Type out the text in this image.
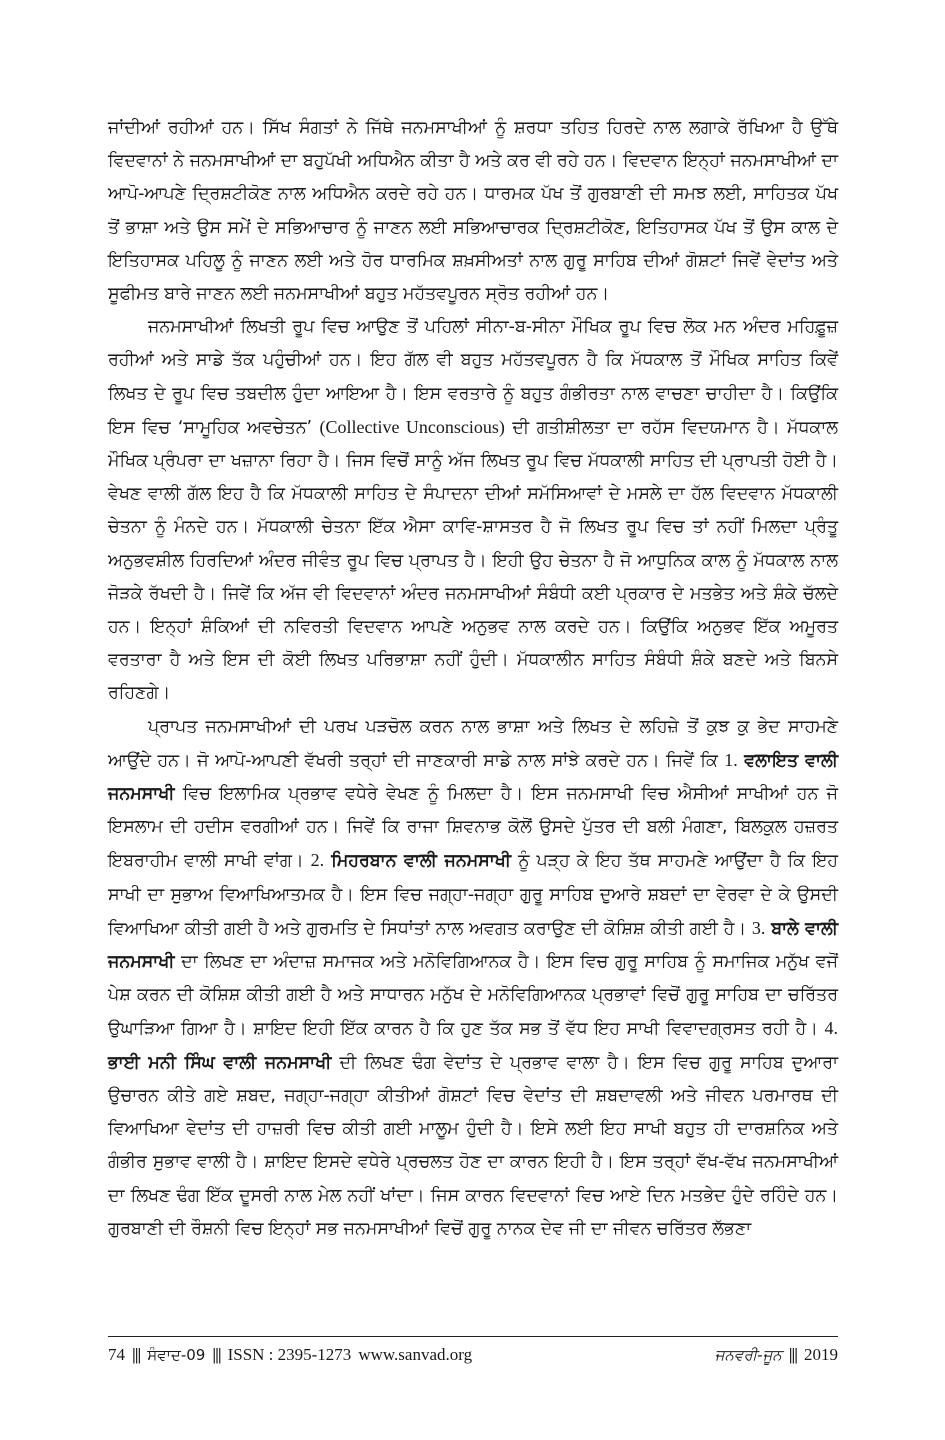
ਜਾਂਦੀਆਂ ਰਹੀਆਂ ਹਨ। ਸਿੱਖ ਸੰਗਤਾਂ ਨੇ ਜਿੱਥੇ ਜਨਮਸਾਖੀਆਂ ਨੂੰ ਸ਼ਰਧਾ ਤਹਿਤ ਹਿਰਦੇ ਨਾਲ ਲਗਾਕੇ ਰੱਖਿਆ ਹੈ ਉੱਥੇ ਵਿਦਵਾਨਾਂ ਨੇ ਜਨਮਸਾਖੀਆਂ ਦਾ ਬਹੁਪੱਖੀ ਅਧਿਐਨ ਕੀਤਾ ਹੈ ਅਤੇ ਕਰ ਵੀ ਰਹੇ ਹਨ। ਵਿਦਵਾਨ ਇਨ੍ਹਾਂ ਜਨਮਸਾਖੀਆਂ ਦਾ ਆਪੋ-ਆਪਣੇ ਦ੍ਰਿਸ਼ਟੀਕੋਣ ਨਾਲ ਅਧਿਐਨ ਕਰਦੇ ਰਹੇ ਹਨ। ਧਾਰਮਕ ਪੱਖ ਤੋਂ ਗੁਰਬਾਣੀ ਦੀ ਸਮਝ ਲਈ, ਸਾਹਿਤਕ ਪੱਖ ਤੋਂ ਭਾਸ਼ਾ ਅਤੇ ਉਸ ਸਮੇਂ ਦੇ ਸਭਿਆਚਾਰ ਨੂੰ ਜਾਣਨ ਲਈ ਸਭਿਆਚਾਰਕ ਦ੍ਰਿਸ਼ਟੀਕੋਣ, ਇਤਿਹਾਸਕ ਪੱਖ ਤੋਂ ਉਸ ਕਾਲ ਦੇ ਇਤਿਹਾਸਕ ਪਹਿਲੂ ਨੂੰ ਜਾਣਨ ਲਈ ਅਤੇ ਹੋਰ ਧਾਰਮਿਕ ਸ਼ਖ਼ਸੀਅਤਾਂ ਨਾਲ ਗੁਰੂ ਸਾਹਿਬ ਦੀਆਂ ਗੋਸ਼ਟਾਂ ਜਿਵੇਂ ਵੇਦਾਂਤ ਅਤੇ ਸੂਫੀਮਤ ਬਾਰੇ ਜਾਣਨ ਲਈ ਜਨਮਸਾਖੀਆਂ ਬਹੁਤ ਮਹੱਤਵਪੂਰਨ ਸ੍ਰੋਤ ਰਹੀਆਂ ਹਨ।

ਜਨਮਸਾਖੀਆਂ ਲਿਖਤੀ ਰੂਪ ਵਿਚ ਆਉਣ ਤੋਂ ਪਹਿਲਾਂ ਸੀਨਾ-ਬ-ਸੀਨਾ ਮੌਖਿਕ ਰੂਪ ਵਿਚ ਲੋਕ ਮਨ ਅੰਦਰ ਮਹਿਫ਼ੂਜ਼ ਰਹੀਆਂ ਅਤੇ ਸਾਡੇ ਤੱਕ ਪਹੁੰਚੀਆਂ ਹਨ। ਇਹ ਗੱਲ ਵੀ ਬਹੁਤ ਮਹੱਤਵਪੂਰਨ ਹੈ ਕਿ ਮੱਧਕਾਲ ਤੋਂ ਮੌਖਿਕ ਸਾਹਿਤ ਕਿਵੇਂ ਲਿਖਤ ਦੇ ਰੂਪ ਵਿਚ ਤਬਦੀਲ ਹੁੰਦਾ ਆਇਆ ਹੈ। ਇਸ ਵਰਤਾਰੇ ਨੂੰ ਬਹੁਤ ਗੰਭੀਰਤਾ ਨਾਲ ਵਾਚਣਾ ਚਾਹੀਦਾ ਹੈ। ਕਿਉਂਕਿ ਇਸ ਵਿਚ ‘ਸਾਮੂਹਿਕ ਅਵਚੇਤਨ’ (Collective Unconscious) ਦੀ ਗਤੀਸ਼ੀਲਤਾ ਦਾ ਰਹੱਸ ਵਿਦਯਮਾਨ ਹੈ। ਮੱਧਕਾਲ ਮੌਖਿਕ ਪ੍ਰੰਪਰਾ ਦਾ ਖਜ਼ਾਨਾ ਰਿਹਾ ਹੈ। ਜਿਸ ਵਿਚੋਂ ਸਾਨੂੰ ਅੱਜ ਲਿਖਤ ਰੂਪ ਵਿਚ ਮੱਧਕਾਲੀ ਸਾਹਿਤ ਦੀ ਪ੍ਰਾਪਤੀ ਹੋਈ ਹੈ। ਵੇਖਣ ਵਾਲੀ ਗੱਲ ਇਹ ਹੈ ਕਿ ਮੱਧਕਾਲੀ ਸਾਹਿਤ ਦੇ ਸੰਪਾਦਨਾ ਦੀਆਂ ਸਮੱਸਿਆਵਾਂ ਦੇ ਮਸਲੇ ਦਾ ਹੱਲ ਵਿਦਵਾਨ ਮੱਧਕਾਲੀ ਚੇਤਨਾ ਨੂੰ ਮੰਨਦੇ ਹਨ। ਮੱਧਕਾਲੀ ਚੇਤਨਾ ਇੱਕ ਐਸਾ ਕਾਵਿ-ਸ਼ਾਸਤਰ ਹੈ ਜੋ ਲਿਖਤ ਰੂਪ ਵਿਚ ਤਾਂ ਨਹੀਂ ਮਿਲਦਾ ਪ੍ਰੰਤੂ ਅਨੁਭਵਸ਼ੀਲ ਹਿਰਦਿਆਂ ਅੰਦਰ ਜੀਵੰਤ ਰੂਪ ਵਿਚ ਪ੍ਰਾਪਤ ਹੈ। ਇਹੀ ਉਹ ਚੇਤਨਾ ਹੈ ਜੋ ਆਧੁਨਿਕ ਕਾਲ ਨੂੰ ਮੱਧਕਾਲ ਨਾਲ ਜੋੜਕੇ ਰੱਖਦੀ ਹੈ। ਜਿਵੇਂ ਕਿ ਅੱਜ ਵੀ ਵਿਦਵਾਨਾਂ ਅੰਦਰ ਜਨਮਸਾਖੀਆਂ ਸੰਬੰਧੀ ਕਈ ਪ੍ਰਕਾਰ ਦੇ ਮਤਭੇਤ ਅਤੇ ਸ਼ੰਕੇ ਚੱਲਦੇ ਹਨ। ਇਨ੍ਹਾਂ ਸ਼ੰਕਿਆਂ ਦੀ ਨਵਿਰਤੀ ਵਿਦਵਾਨ ਆਪਣੇ ਅਨੁਭਵ ਨਾਲ ਕਰਦੇ ਹਨ। ਕਿਉਂਕਿ ਅਨੁਭਵ ਇੱਕ ਅਮੂਰਤ ਵਰਤਾਰਾ ਹੈ ਅਤੇ ਇਸ ਦੀ ਕੋਈ ਲਿਖਤ ਪਰਿਭਾਸ਼ਾ ਨਹੀਂ ਹੁੰਦੀ। ਮੱਧਕਾਲੀਨ ਸਾਹਿਤ ਸੰਬੰਧੀ ਸ਼ੰਕੇ ਬਣਦੇ ਅਤੇ ਬਿਨਸੇ ਰਹਿਣਗੇ।

ਪ੍ਰਾਪਤ ਜਨਮਸਾਖੀਆਂ ਦੀ ਪਰਖ ਪੜਚੋਲ ਕਰਨ ਨਾਲ ਭਾਸ਼ਾ ਅਤੇ ਲਿਖਤ ਦੇ ਲਹਿਜ਼ੇ ਤੋਂ ਕੁਝ ਕੁ ਭੇਦ ਸਾਹਮਣੇ ਆਉਂਦੇ ਹਨ। ਜੋ ਆਪੋ-ਆਪਣੀ ਵੱਖਰੀ ਤਰ੍ਹਾਂ ਦੀ ਜਾਣਕਾਰੀ ਸਾਡੇ ਨਾਲ ਸਾਂਝੇ ਕਰਦੇ ਹਨ। ਜਿਵੇਂ ਕਿ 1. ਵਲਾਇਤ ਵਾਲੀ ਜਨਮਸਾਖੀ ਵਿਚ ਇਲਾਮਿਕ ਪ੍ਰਭਾਵ ਵਧੇਰੇ ਵੇਖਣ ਨੂੰ ਮਿਲਦਾ ਹੈ। ਇਸ ਜਨਮਸਾਖੀ ਵਿਚ ਐਸੀਆਂ ਸਾਖੀਆਂ ਹਨ ਜੋ ਇਸਲਾਮ ਦੀ ਹਦੀਸ ਵਰਗੀਆਂ ਹਨ। ਜਿਵੇਂ ਕਿ ਰਾਜਾ ਸ਼ਿਵਨਾਭ ਕੋਲੋਂ ਉਸਦੇ ਪੁੱਤਰ ਦੀ ਬਲੀ ਮੰਗਣਾ, ਬਿਲਕੁਲ ਹਜ਼ਰਤ ਇਬਰਾਹੀਮ ਵਾਲੀ ਸਾਖੀ ਵਾਂਗ। 2. ਮਿਹਰਬਾਨ ਵਾਲੀ ਜਨਮਸਾਖੀ ਨੂੰ ਪੜ੍ਹ ਕੇ ਇਹ ਤੱਥ ਸਾਹਮਣੇ ਆਉਂਦਾ ਹੈ ਕਿ ਇਹ ਸਾਖੀ ਦਾ ਸੁਭਾਅ ਵਿਆਖਿਆਤਮਕ ਹੈ। ਇਸ ਵਿਚ ਜਗ੍ਹਾ-ਜਗ੍ਹਾ ਗੁਰੂ ਸਾਹਿਬ ਦੁਆਰੇ ਸ਼ਬਦਾਂ ਦਾ ਵੇਰਵਾ ਦੇ ਕੇ ਉਸਦੀ ਵਿਆਖਿਆ ਕੀਤੀ ਗਈ ਹੈ ਅਤੇ ਗੁਰਮਤਿ ਦੇ ਸਿਧਾਂਤਾਂ ਨਾਲ ਅਵਗਤ ਕਰਾਉਣ ਦੀ ਕੋਸ਼ਿਸ਼ ਕੀਤੀ ਗਈ ਹੈ। 3. ਬਾਲੇ ਵਾਲੀ ਜਨਮਸਾਖੀ ਦਾ ਲਿਖਣ ਦਾ ਅੰਦਾਜ਼ ਸਮਾਜਕ ਅਤੇ ਮਨੋਵਿਗਿਆਨਕ ਹੈ। ਇਸ ਵਿਚ ਗੁਰੂ ਸਾਹਿਬ ਨੂੰ ਸਮਾਜਿਕ ਮਨੁੱਖ ਵਜੋਂ ਪੇਸ਼ ਕਰਨ ਦੀ ਕੋਸ਼ਿਸ਼ ਕੀਤੀ ਗਈ ਹੈ ਅਤੇ ਸਾਧਾਰਨ ਮਨੁੱਖ ਦੇ ਮਨੋਵਿਗਿਆਨਕ ਪ੍ਰਭਾਵਾਂ ਵਿਚੋਂ ਗੁਰੂ ਸਾਹਿਬ ਦਾ ਚਰਿੱਤਰ ਉਘਾੜਿਆ ਗਿਆ ਹੈ। ਸ਼ਾਇਦ ਇਹੀ ਇੱਕ ਕਾਰਨ ਹੈ ਕਿ ਹੁਣ ਤੱਕ ਸਭ ਤੋਂ ਵੱਧ ਇਹ ਸਾਖੀ ਵਿਵਾਦਗ੍ਰਸਤ ਰਹੀ ਹੈ। 4. ਭਾਈ ਮਨੀ ਸਿੰਘ ਵਾਲੀ ਜਨਮਸਾਖੀ ਦੀ ਲਿਖਣ ਢੰਗ ਵੇਦਾਂਤ ਦੇ ਪ੍ਰਭਾਵ ਵਾਲਾ ਹੈ। ਇਸ ਵਿਚ ਗੁਰੂ ਸਾਹਿਬ ਦੁਆਰਾ ਉਚਾਰਨ ਕੀਤੇ ਗਏ ਸ਼ਬਦ, ਜਗ੍ਹਾ-ਜਗ੍ਹਾ ਕੀਤੀਆਂ ਗੋਸ਼ਟਾਂ ਵਿਚ ਵੇਦਾਂਤ ਦੀ ਸ਼ਬਦਾਵਲੀ ਅਤੇ ਜੀਵਨ ਪਰਮਾਰਥ ਦੀ ਵਿਆਖਿਆ ਵੇਦਾਂਤ ਦੀ ਹਾਜ਼ਰੀ ਵਿਚ ਕੀਤੀ ਗਈ ਮਾਲੂਮ ਹੁੰਦੀ ਹੈ। ਇਸੇ ਲਈ ਇਹ ਸਾਖੀ ਬਹੁਤ ਹੀ ਦਾਰਸ਼ਨਿਕ ਅਤੇ ਗੰਭੀਰ ਸੁਭਾਵ ਵਾਲੀ ਹੈ। ਸ਼ਾਇਦ ਇਸਦੇ ਵਧੇਰੇ ਪ੍ਰਚਲਤ ਹੋਣ ਦਾ ਕਾਰਨ ਇਹੀ ਹੈ। ਇਸ ਤਰ੍ਹਾਂ ਵੱਖ-ਵੱਖ ਜਨਮਸਾਖੀਆਂ ਦਾ ਲਿਖਣ ਢੰਗ ਇੱਕ ਦੂਸਰੀ ਨਾਲ ਮੇਲ ਨਹੀਂ ਖਾਂਦਾ। ਜਿਸ ਕਾਰਨ ਵਿਦਵਾਨਾਂ ਵਿਚ ਆਏ ਦਿਨ ਮਤਭੇਦ ਹੁੰਦੇ ਰਹਿੰਦੇ ਹਨ। ਗੁਰਬਾਣੀ ਦੀ ਰੌਸ਼ਨੀ ਵਿਚ ਇਨ੍ਹਾਂ ਸਭ ਜਨਮਸਾਖੀਆਂ ਵਿਚੋਂ ਗੁਰੂ ਨਾਨਕ ਦੇਵ ਜੀ ਦਾ ਜੀਵਨ ਚਰਿੱਤਰ ਲੱਭਣਾ

74 ||| ਸੰਵਾਦ-09 ||| ISSN : 2395-1273 www.sanvad.org	ਜਨਵਰੀ-ਜੂਨ ||| 2019
